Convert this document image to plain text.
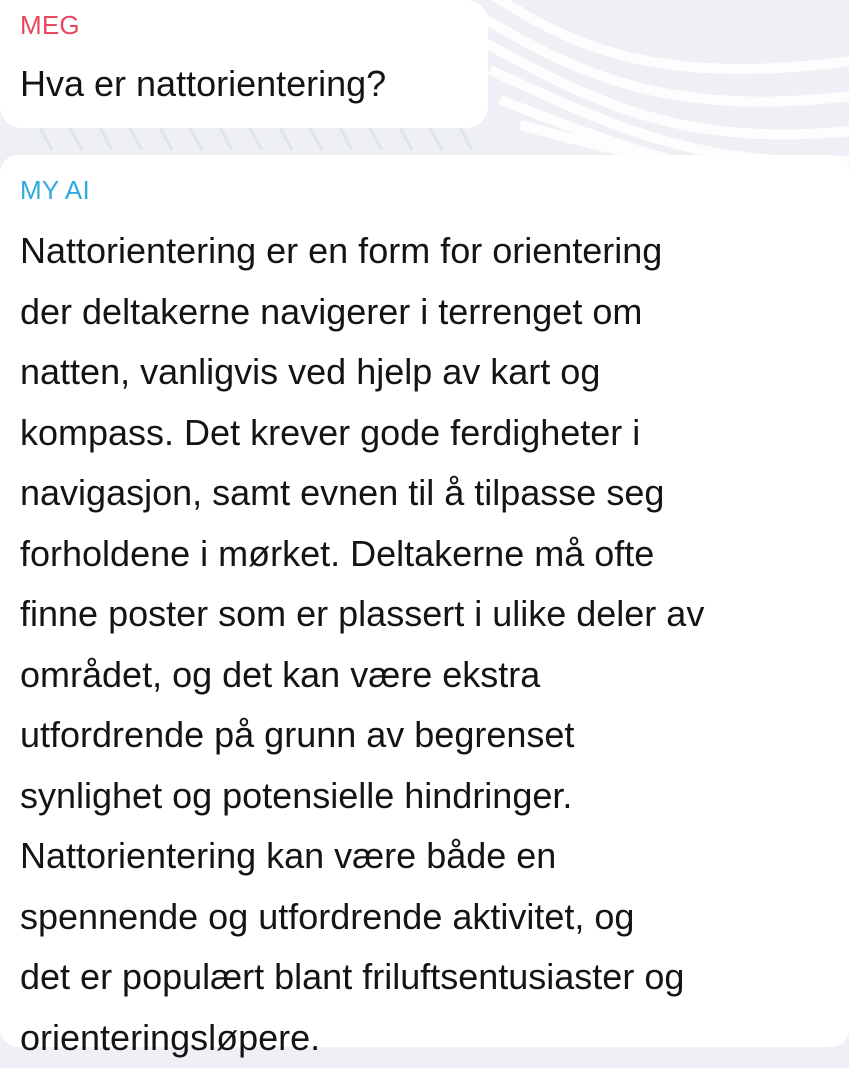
MEG
Hva er nattorientering?
MY AI
Nattorientering er en form for orientering
der deltakerne navigerer i terrenget om
natten, vanligvis ved hjelp av kart og
kompass. Det krever gode ferdigheter i
navigasjon, samt evnen til å tilpasse seg
forholdene i mørket. Deltakerne må ofte
finne poster som er plassert i ulike deler av
området, og det kan være ekstra
utfordrende på grunn av begrenset
synlighet og potensielle hindringer.
Nattorientering kan være både en
spennende og utfordrende aktivitet, og
det er populært blant friluftsentusiaster og
orienteringsløpere.
